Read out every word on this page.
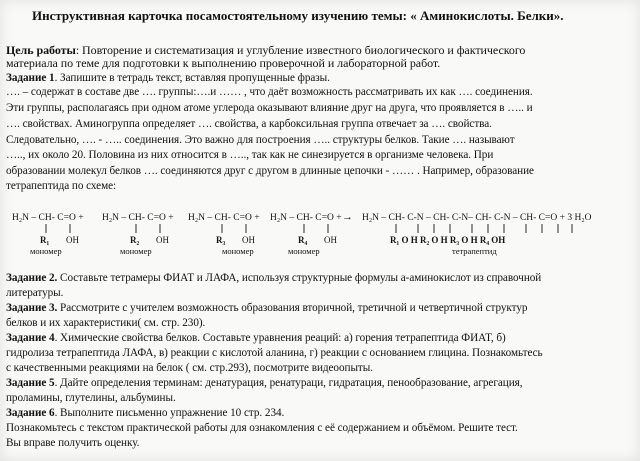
Инструктивная карточка посамостоятельному изучению темы: « Аминокислоты. Белки».
Цель работы: Повторение и систематизация и углубление известного биологического и фактического
материала по теме для подготовки к выполнению проверочной и лабораторной работ.
Задание 1. Запишите в тетрадь текст, вставляя пропущенные фразы.
…. – содержат в составе две …. группы:….и …… , что даёт возможность рассматривать их как …. соединения.
Эти группы, располагаясь при одном атоме углерода оказывают влияние друг на друга, что проявляется в ….. и
…. свойствах. Аминогруппа определяет …. свойства, а карбоксильная группа отвечает за …. свойства.
Следовательно, …. - ….. соединения. Это важно для построения ….. структуры белков. Такие …. называют
….., их около 20. Половина из них относится в ….., так как не синезируется в организме человека. При
образовании молекул белков …. соединяются друг с другом в длинные цепочки - …… . Например, образование
тетрапептида по схеме:
H₂N – CH- C=O +
R₁ OH
мономер
H₂N – CH- C=O +
R₂ OH
мономер
H₂N – CH- C=O +
R₃ OH
мономер
H₂N – CH- C=O +
R₄ OH
мономер
→ H₂N – CH- C-N – CH- C-N– CH- C-N – CH- C=O + 3 H₂O
R₁ O H R₂ O H R₃ O H R₄ OH
тетрапептид
Задание 2. Составьте тетрамеры ФИАТ и ЛАФА, используя структурные формулы а-аминокислот из справочной
литературы.
Задание 3. Рассмотрите с учителем возможность образования вторичной, третичной и четвертичной структур
белков и их характеристики( см. стр. 230).
Задание 4. Химические свойства белков. Составьте уравнения реаций: а) горения тетрапептида ФИАТ, б)
гидролиза тетрапептида ЛАФА, в) реакции с кислотой аланина, г) реакции с основанием глицина. Познакомьтесь
с качественными реакциями на белок ( см. стр.293), посмотрите видеоопыты.
Задание 5. Дайте определения терминам: денатурация, ренатураци, гидратация, пенообразование, агрегация,
проламины, глутелины, альбумины.
Задание 6. Выполните письменно упражнение 10 стр. 234.
Познакомьтесь с текстом практической работы для ознакомления с её содержанием и объёмом. Решите тест.
Вы вправе получить оценку.
